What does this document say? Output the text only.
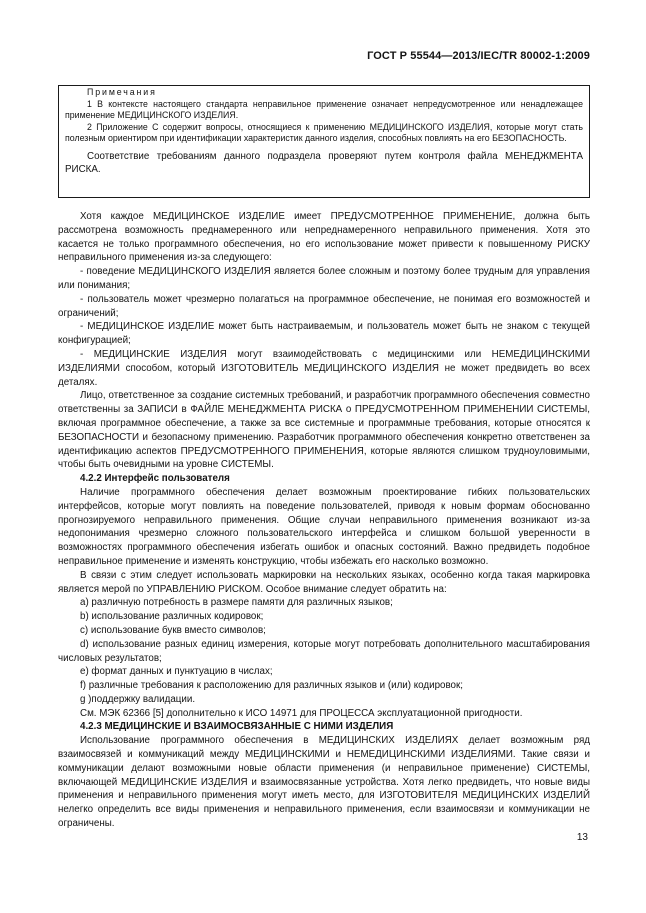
ГОСТ Р 55544—2013/IEC/TR 80002-1:2009
Примечания
1 В контексте настоящего стандарта неправильное применение означает непредусмотренное или ненадлежащее применение МЕДИЦИНСКОГО ИЗДЕЛИЯ.
2 Приложение С содержит вопросы, относящиеся к применению МЕДИЦИНСКОГО ИЗДЕЛИЯ, которые могут стать полезным ориентиром при идентификации характеристик данного изделия, способных повлиять на его БЕЗОПАСНОСТЬ.
Соответствие требованиям данного подраздела проверяют путем контроля файла МЕНЕДЖМЕНТА РИСКА.

Хотя каждое МЕДИЦИНСКОЕ ИЗДЕЛИЕ имеет ПРЕДУСМОТРЕННОЕ ПРИМЕНЕНИЕ, должна быть рассмотрена возможность преднамеренного или непреднамеренного неправильного применения. Хотя это касается не только программного обеспечения, но его использование может привести к повышенному РИСКУ неправильного применения из-за следующего:

- поведение МЕДИЦИНСКОГО ИЗДЕЛИЯ является более сложным и поэтому более трудным для управления или понимания;

- пользователь может чрезмерно полагаться на программное обеспечение, не понимая его возможностей и ограничений;

- МЕДИЦИНСКОЕ ИЗДЕЛИЕ может быть настраиваемым, и пользователь может быть не знаком с текущей конфигурацией;

- МЕДИЦИНСКИЕ ИЗДЕЛИЯ могут взаимодействовать с медицинскими или НЕМЕДИЦИНСКИМИ ИЗДЕЛИЯМИ способом, который ИЗГОТОВИТЕЛЬ МЕДИЦИНСКОГО ИЗДЕЛИЯ не может предвидеть во всех деталях.

Лицо, ответственное за создание системных требований, и разработчик программного обеспечения совместно ответственны за ЗАПИСИ в ФАЙЛЕ МЕНЕДЖМЕНТА РИСКА о ПРЕДУСМОТРЕННОМ ПРИМЕНЕНИИ СИСТЕМЫ, включая программное обеспечение, а также за все системные и программные требования, которые относятся к БЕЗОПАСНОСТИ и безопасному применению. Разработчик программного обеспечения конкретно ответственен за идентификацию аспектов ПРЕДУСМОТРЕННОГО ПРИМЕНЕНИЯ, которые являются слишком трудноуловимыми, чтобы быть очевидными на уровне СИСТЕМЫ.

4.2.2 Интерфейс пользователя

Наличие программного обеспечения делает возможным проектирование гибких пользовательских интерфейсов, которые могут повлиять на поведение пользователей, приводя к новым формам обоснованно прогнозируемого неправильного применения. Общие случаи неправильного применения возникают из-за недопонимания чрезмерно сложного пользовательского интерфейса и слишком большой уверенности в возможностях программного обеспечения избегать ошибок и опасных состояний. Важно предвидеть подобное неправильное применение и изменять конструкцию, чтобы избежать его насколько возможно.

В связи с этим следует использовать маркировки на нескольких языках, особенно когда такая маркировка является мерой по УПРАВЛЕНИЮ РИСКОМ. Особое внимание следует обратить на:

a) различную потребность в размере памяти для различных языков;

b) использование различных кодировок;

c) использование букв вместо символов;

d) использование разных единиц измерения, которые могут потребовать дополнительного масштабирования числовых результатов;

e) формат данных и пунктуацию в числах;

f) различные требования к расположению для различных языков и (или) кодировок;

g )поддержку валидации.

См. МЭК 62366 [5] дополнительно к ИСО 14971 для ПРОЦЕССА эксплуатационной пригодности.

4.2.3 МЕДИЦИНСКИЕ И ВЗАИМОСВЯЗАННЫЕ С НИМИ ИЗДЕЛИЯ

Использование программного обеспечения в МЕДИЦИНСКИХ ИЗДЕЛИЯХ делает возможным ряд взаимосвязей и коммуникаций между МЕДИЦИНСКИМИ и НЕМЕДИЦИНСКИМИ ИЗДЕЛИЯМИ. Такие связи и коммуникации делают возможными новые области применения (и неправильное применение) СИСТЕМЫ, включающей МЕДИЦИНСКИЕ ИЗДЕЛИЯ и взаимосвязанные устройства. Хотя легко предвидеть, что новые виды применения и неправильного применения могут иметь место, для ИЗГОТОВИТЕЛЯ МЕДИЦИНСКИХ ИЗДЕЛИЙ нелегко определить все виды применения и неправильного применения, если взаимосвязи и коммуникации не ограничены.

13
